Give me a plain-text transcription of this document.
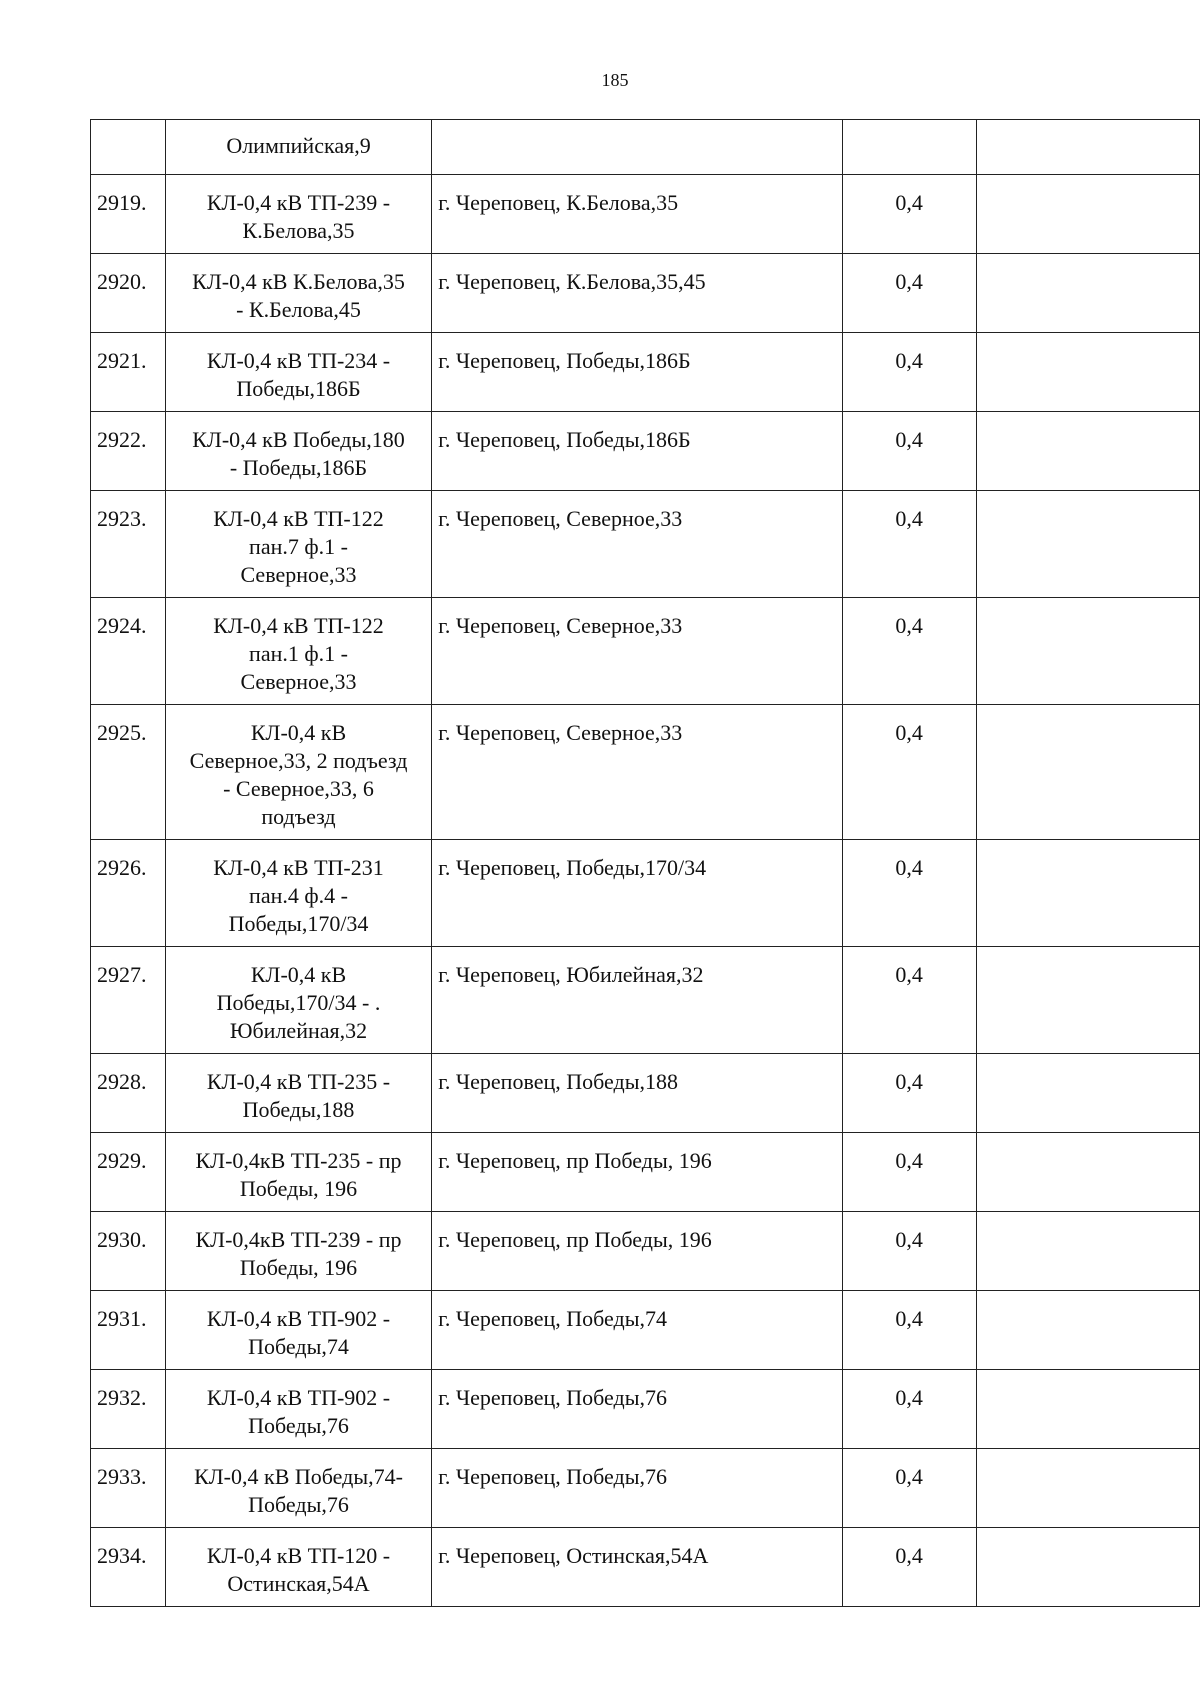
185
	Олимпийская,9			
2919.	КЛ-0,4 кВ ТП-239 -
К.Белова,35	г. Череповец, К.Белова,35	0,4	
2920.	КЛ-0,4 кВ К.Белова,35
- К.Белова,45	г. Череповец, К.Белова,35,45	0,4	
2921.	КЛ-0,4 кВ ТП-234 -
Победы,186Б	г. Череповец, Победы,186Б	0,4	
2922.	КЛ-0,4 кВ Победы,180
- Победы,186Б	г. Череповец, Победы,186Б	0,4	
2923.	КЛ-0,4 кВ ТП-122
пан.7 ф.1 -
Северное,33	г. Череповец, Северное,33	0,4	
2924.	КЛ-0,4 кВ ТП-122
пан.1 ф.1 -
Северное,33	г. Череповец, Северное,33	0,4	
2925.	КЛ-0,4 кВ
Северное,33, 2 подъезд
- Северное,33, 6
подъезд	г. Череповец, Северное,33	0,4	
2926.	КЛ-0,4 кВ ТП-231
пан.4 ф.4 -
Победы,170/34	г. Череповец, Победы,170/34	0,4	
2927.	КЛ-0,4 кВ
Победы,170/34 - .
Юбилейная,32	г. Череповец, Юбилейная,32	0,4	
2928.	КЛ-0,4 кВ ТП-235 -
Победы,188	г. Череповец, Победы,188	0,4	
2929.	КЛ-0,4кВ ТП-235 - пр
Победы, 196	г. Череповец, пр Победы, 196	0,4	
2930.	КЛ-0,4кВ ТП-239 - пр
Победы, 196	г. Череповец, пр Победы, 196	0,4	
2931.	КЛ-0,4 кВ ТП-902 -
Победы,74	г. Череповец, Победы,74	0,4	
2932.	КЛ-0,4 кВ ТП-902 -
Победы,76	г. Череповец, Победы,76	0,4	
2933.	КЛ-0,4 кВ Победы,74-
Победы,76	г. Череповец, Победы,76	0,4	
2934.	КЛ-0,4 кВ ТП-120 -
Остинская,54А	г. Череповец, Остинская,54А	0,4	
